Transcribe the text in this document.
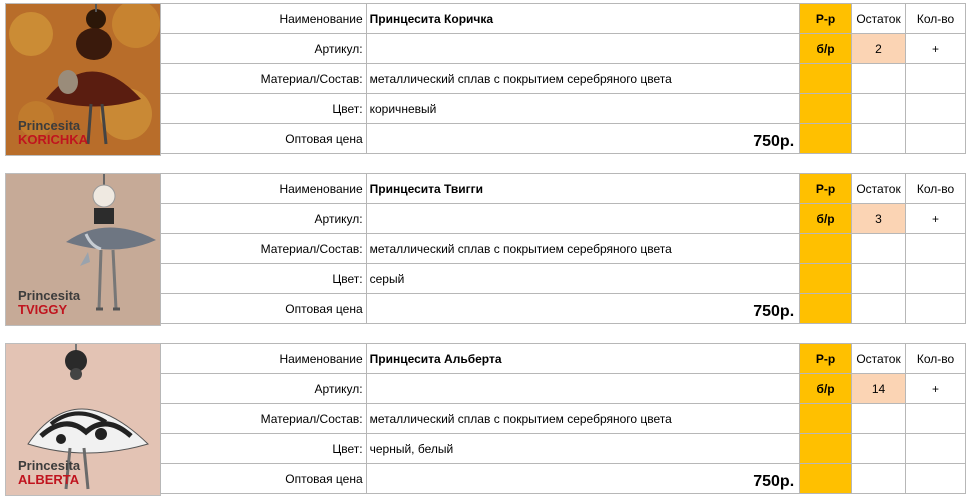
Princesita
KORICHKA
Наименование	Принцесита Коричка	Р-р	Остаток	Кол-во
Артикул:		б/р	2	+
Материал/Состав:	металлический сплав с покрытием серебряного цвета			
Цвет:	коричневый			
Оптовая цена	750р.			
Princesita
TVIGGY
Наименование	Принцесита Твигги	Р-р	Остаток	Кол-во
Артикул:		б/р	3	+
Материал/Состав:	металлический сплав с покрытием серебряного цвета			
Цвет:	серый			
Оптовая цена	750р.			
Princesita
ALBERTA
Наименование	Принцесита Альберта	Р-р	Остаток	Кол-во
Артикул:		б/р	14	+
Материал/Состав:	металлический сплав с покрытием серебряного цвета			
Цвет:	черный, белый			
Оптовая цена	750р.			
